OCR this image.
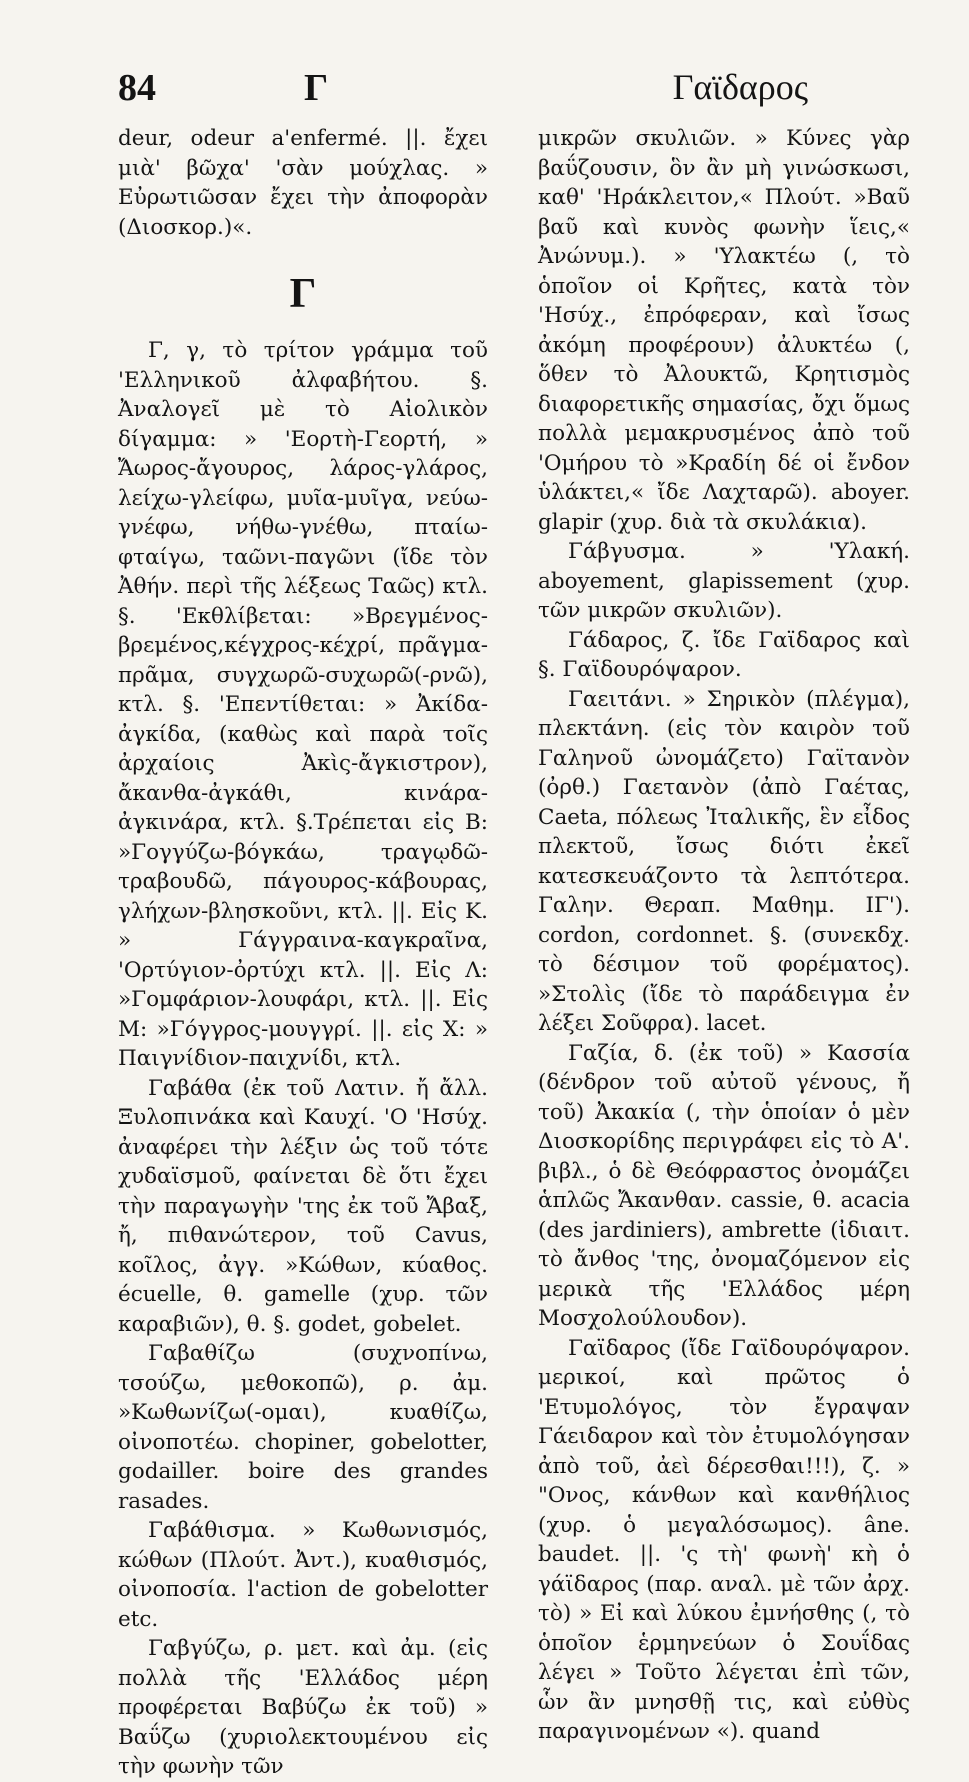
84	Γ	Γαϊδαρος

deur, odeur a'enfermé. ||. ἔχει μιὰ' βῶχα' 'σὰν μούχλας. » Εὐρωτιῶσαν ἔχει τὴν ἀποφορὰν (Διοσκορ.)«.

Γ

Γ, γ, τὸ τρίτον γράμμα τοῦ 'Ελληνικοῦ ἀλφαβήτου. §. Ἀναλογεῖ μὲ τὸ Αἰολικὸν δίγαμμα: » 'Εορτὴ-Γεορτή, » Ἄωρος-ἄγουρος, λάρος-γλάρος, λείχω-γλείφω, μυῖα-μυῖγα, νεύω-γνέφω, νήθω-γνέθω, πταίω-φταίγω, ταῶνι-παγῶνι (ἴδε τὸν Ἀθήν. περὶ τῆς λέξεως Ταῶς) κτλ. §. 'Εκθλίβεται: »Βρεγμένος-βρεμένος,κέγχρος-κέχρί, πρᾶγμα-πρᾶμα, συγχωρῶ-συχωρῶ(-ρνῶ), κτλ. §. 'Επεντίθεται: » Ἀκίδα-ἀγκίδα, (καθὼς καὶ παρὰ τοῖς ἀρχαίοις Ἀκὶς-ἄγκιστρον), ἄκανθα-ἀγκάθι, κινάρα-ἀγκινάρα, κτλ. §.Τρέπεται εἰς Β: »Γογγύζω-βόγκάω, τραγῳδῶ-τραβουδῶ, πάγουρος-κάβουρας, γλήχων-βλησκοῦνι, κτλ. ||. Εἰς Κ. » Γάγγραινα-καγκραῖνα, 'Ορτύγιον-ὀρτύχι κτλ. ||. Εἰς Λ: »Γομφάριον-λουφάρι, κτλ. ||. Εἰς Μ: »Γόγγρος-μουγγρί. ||. εἰς Χ: » Παιγνίδιον-παιχνίδι, κτλ.

Γαβάθα (ἐκ τοῦ Λατιν. ἤ ἄλλ. Ξυλοπινάκα καὶ Καυχί. 'Ο 'Ησύχ. ἀναφέρει τὴν λέξιν ὡς τοῦ τότε χυδαϊσμοῦ, φαίνεται δὲ ὅτι ἔχει τὴν παραγωγὴν 'της ἐκ τοῦ Ἄβαξ, ἤ, πιθανώτερον, τοῦ Cavus, κοῖλος, ἀγγ. »Κώθων, κύαθος. écuelle, θ. gamelle (χυρ. τῶν καραβιῶν), θ. §. godet, gobelet.

Γαβαθίζω (συχνοπίνω, τσούζω, μεθοκοπῶ), ρ. ἀμ. »Κωθωνίζω(-ομαι), κυαθίζω, οἰνοποτέω. chopiner, gobelotter, godailler. boire des grandes rasades.

Γαβάθισμα. » Κωθωνισμός, κώθων (Πλούτ. Ἀντ.), κυαθισμός, οἰνοποσία. l'action de gobelotter etc.

Γαβγύζω, ρ. μετ. καὶ ἀμ. (εἰς πολλὰ τῆς 'Ελλάδος μέρη προφέρεται Βαβύζω ἐκ τοῦ) » Βαΰζω (χυριολεκτουμένου εἰς τὴν φωνὴν τῶν

μικρῶν σκυλιῶν. » Κύνες γὰρ βαΰζουσιν, ὃν ἂν μὴ γινώσκωσι, καθ' 'Ηράκλειτον,« Πλούτ. »Βαῦ βαῦ καὶ κυνὸς φωνὴν ἵεις,« Ἀνώνυμ.). » 'Υλακτέω (, τὸ ὁποῖον οἱ Κρῆτες, κατὰ τὸν 'Ησύχ., ἐπρόφεραν, καὶ ἴσως ἀκόμη προφέρουν) ἀλυκτέω (, ὅθεν τὸ Ἀλουκτῶ, Κρητισμὸς διαφορετικῆς σημασίας, ὄχι ὅμως πολλὰ μεμακρυσμένος ἀπὸ τοῦ 'Ομήρου τὸ »Κραδίη δέ οἱ ἔνδον ὑλάκτει,« ἴδε Λαχταρῶ). aboyer. glapir (χυρ. διὰ τὰ σκυλάκια).

Γάβγυσμα. » 'Υλακή. aboyement, glapissement (χυρ. τῶν μικρῶν σκυλιῶν).

Γάδαρος, ζ. ἴδε Γαϊδαρος καὶ §. Γαϊδουρόψαρον.

Γαειτάνι. » Σηρικὸν (πλέγμα), πλεκτάνη. (εἰς τὸν καιρὸν τοῦ Γαληνοῦ ὠνομάζετο) Γαϊτανὸν (ὀρθ.) Γαετανὸν (ἀπὸ Γαέτας, Caeta, πόλεως Ἰταλικῆς, ἓν εἶδος πλεκτοῦ, ἴσως διότι ἐκεῖ κατεσκευάζοντο τὰ λεπτότερα. Γαλην. Θεραπ. Μαθημ. ΙΓ'). cordon, cordonnet. §. (συνεκδχ. τὸ δέσιμον τοῦ φορέματος). »Στολὶς (ἴδε τὸ παράδειγμα ἐν λέξει Σοῦφρα). lacet.

Γαζία, δ. (ἐκ τοῦ) » Κασσία (δένδρον τοῦ αὐτοῦ γένους, ἤ τοῦ) Ἀκακία (, τὴν ὁποίαν ὁ μὲν Διοσκορίδης περιγράφει εἰς τὸ Α'. βιβλ., ὁ δὲ Θεόφραστος ὀνομάζει ἁπλῶς Ἄκανθαν. cassie, θ. acacia (des jardiniers), ambrette (ἰδιαιτ. τὸ ἄνθος 'της, ὀνομαζόμενον εἰς μερικὰ τῆς 'Ελλάδος μέρη Μοσχολούλουδον).

Γαϊδαρος (ἴδε Γαϊδουρόψαρον. μερικοί, καὶ πρῶτος ὁ 'Ετυμολόγος, τὸν ἔγραψαν Γάειδαρον καὶ τὸν ἐτυμολόγησαν ἀπὸ τοῦ, ἀεὶ δέρεσθαι!!!), ζ. » "Ονος, κάνθων καὶ κανθήλιος (χυρ. ὁ μεγαλόσωμος). âne. baudet. ||. 'ς τὴ' φωνὴ' κὴ ὁ γάϊδαρος (παρ. αναλ. μὲ τῶν ἀρχ. τὸ) » Εἰ καὶ λύκου ἐμνήσθης (, τὸ ὁποῖον ἑρμηνεύων ὁ Σουΐδας λέγει » Τοῦτο λέγεται ἐπὶ τῶν, ὧν ἂν μνησθῇ τις, καὶ εὐθὺς παραγινομένων «). quand
